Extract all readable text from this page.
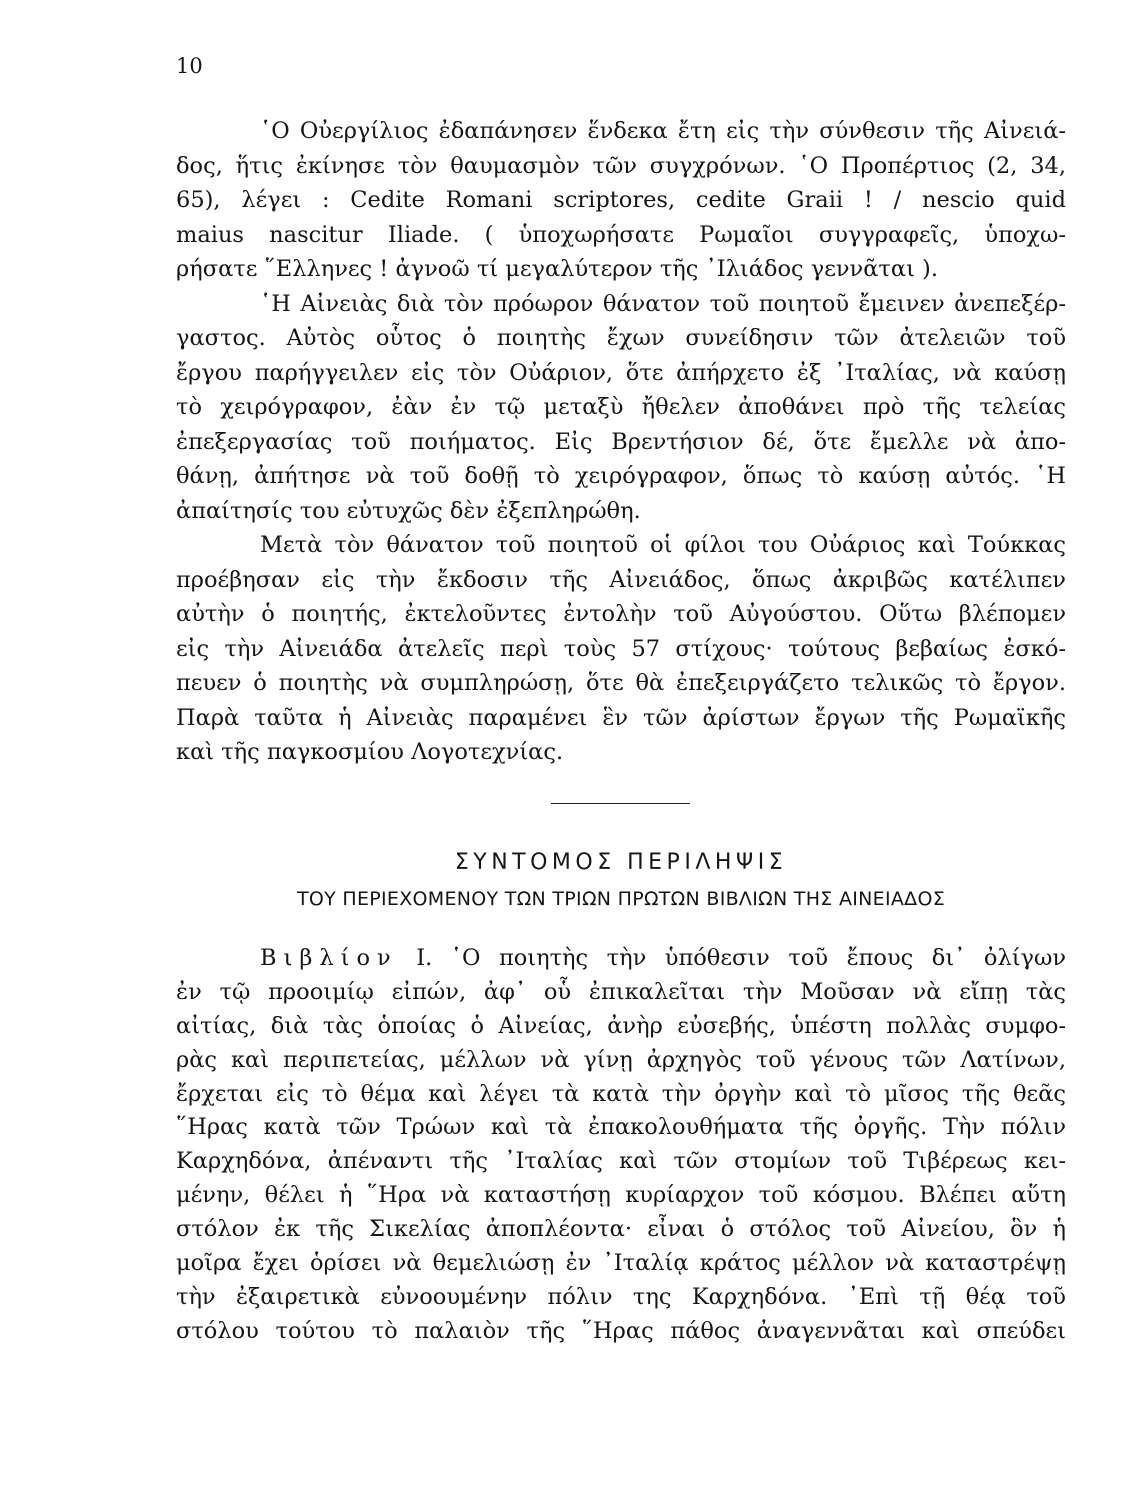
10
῾Ο Οὐεργίλιος ἐδαπάνησεν ἕνδεκα ἔτη εἰς τὴν σύνθεσιν τῆς Αἰνειά-
δος, ἥτις ἐκίνησε τὸν θαυμασμὸν τῶν συγχρόνων. ῾Ο Προπέρτιος (2, 34,
65), λέγει : Cedite Romani scriptores, cedite Graii ! / nescio quid
maius nascitur Iliade. ( ὑποχωρήσατε Ρωμαῖοι συγγραφεῖς, ὑποχω-
ρήσατε ῞Ελληνες ! ἀγνοῶ τί μεγαλύτερον τῆς ᾿Ιλιάδος γεννᾶται ).
῾Η Αἰνειὰς διὰ τὸν πρόωρον θάνατον τοῦ ποιητοῦ ἔμεινεν ἀνεπεξέρ-
γαστος. Αὐτὸς οὗτος ὁ ποιητὴς ἔχων συνείδησιν τῶν ἀτελειῶν τοῦ
ἔργου παρήγγειλεν εἰς τὸν Οὐάριον, ὅτε ἀπήρχετο ἐξ ᾿Ιταλίας, νὰ καύσῃ
τὸ χειρόγραφον, ἐὰν ἐν τῷ μεταξὺ ἤθελεν ἀποθάνει πρὸ τῆς τελείας
ἐπεξεργασίας τοῦ ποιήματος. Εἰς Βρεντήσιον δέ, ὅτε ἔμελλε νὰ ἀπο-
θάνῃ, ἀπήτησε νὰ τοῦ δοθῇ τὸ χειρόγραφον, ὅπως τὸ καύσῃ αὐτός. ῾Η
ἀπαίτησίς του εὐτυχῶς δὲν ἐξεπληρώθη.
Μετὰ τὸν θάνατον τοῦ ποιητοῦ οἱ φίλοι του Οὐάριος καὶ Τούκκας
προέβησαν εἰς τὴν ἔκδοσιν τῆς Αἰνειάδος, ὅπως ἀκριβῶς κατέλιπεν
αὐτὴν ὁ ποιητής, ἐκτελοῦντες ἐντολὴν τοῦ Αὐγούστου. Οὕτω βλέπομεν
εἰς τὴν Αἰνειάδα ἀτελεῖς περὶ τοὺς 57 στίχους· τούτους βεβαίως ἐσκό-
πευεν ὁ ποιητὴς νὰ συμπληρώσῃ, ὅτε θὰ ἐπεξειργάζετο τελικῶς τὸ ἔργον.
Παρὰ ταῦτα ἡ Αἰνειὰς παραμένει ἓν τῶν ἀρίστων ἔργων τῆς Ρωμαϊκῆς
καὶ τῆς παγκοσμίου Λογοτεχνίας.
ΣΥΝΤΟΜΟΣ ΠΕΡΙΛΗΨΙΣ
ΤΟΥ ΠΕΡΙΕΧΟΜΕΝΟΥ ΤΩΝ ΤΡΙΩΝ ΠΡΩΤΩΝ ΒΙΒΛΙΩΝ ΤΗΣ ΑΙΝΕΙΑΔΟΣ
Βιβλίον Ι. ῾Ο ποιητὴς τὴν ὑπόθεσιν τοῦ ἔπους δι᾿ ὀλίγων
ἐν τῷ προοιμίῳ εἰπών, ἀφ᾿ οὗ ἐπικαλεῖται τὴν Μοῦσαν νὰ εἴπῃ τὰς
αἰτίας, διὰ τὰς ὁποίας ὁ Αἰνείας, ἀνὴρ εὐσεβής, ὑπέστη πολλὰς συμφο-
ρὰς καὶ περιπετείας, μέλλων νὰ γίνῃ ἀρχηγὸς τοῦ γένους τῶν Λατίνων,
ἔρχεται εἰς τὸ θέμα καὶ λέγει τὰ κατὰ τὴν ὀργὴν καὶ τὸ μῖσος τῆς θεᾶς
῞Ηρας κατὰ τῶν Τρώων καὶ τὰ ἐπακολουθήματα τῆς ὀργῆς. Τὴν πόλιν
Καρχηδόνα, ἀπέναντι τῆς ᾿Ιταλίας καὶ τῶν στομίων τοῦ Τιβέρεως κει-
μένην, θέλει ἡ ῞Ηρα νὰ καταστήσῃ κυρίαρχον τοῦ κόσμου. Βλέπει αὕτη
στόλον ἐκ τῆς Σικελίας ἀποπλέοντα· εἶναι ὁ στόλος τοῦ Αἰνείου, ὃν ἡ
μοῖρα ἔχει ὁρίσει νὰ θεμελιώσῃ ἐν ᾿Ιταλίᾳ κράτος μέλλον νὰ καταστρέψῃ
τὴν ἐξαιρετικὰ εὐνοουμένην πόλιν της Καρχηδόνα. ᾿Επὶ τῇ θέᾳ τοῦ
στόλου τούτου τὸ παλαιὸν τῆς ῞Ηρας πάθος ἀναγεννᾶται καὶ σπεύδει
